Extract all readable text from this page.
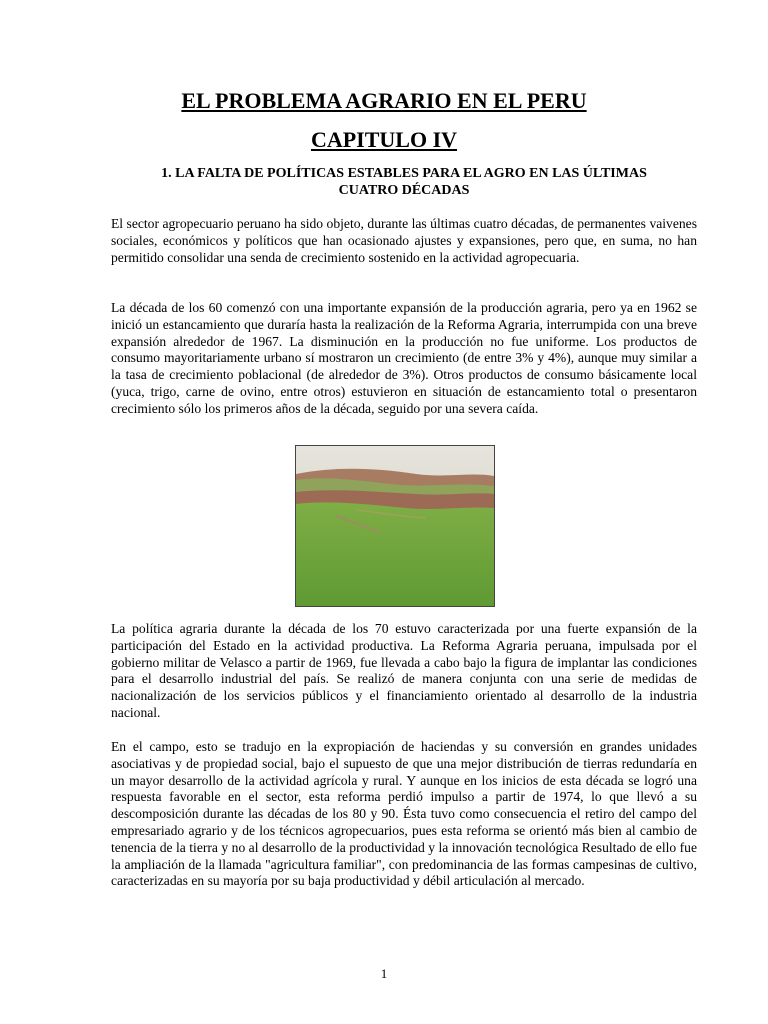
EL PROBLEMA AGRARIO EN EL PERU
CAPITULO IV
1. LA FALTA DE POLÍTICAS ESTABLES PARA EL AGRO EN LAS ÚLTIMAS CUATRO DÉCADAS

El sector agropecuario peruano ha sido objeto, durante las últimas cuatro décadas, de permanentes vaivenes sociales, económicos y políticos que han ocasionado ajustes y expansiones, pero que, en suma, no han permitido consolidar una senda de crecimiento sostenido en la actividad agropecuaria.

La década de los 60 comenzó con una importante expansión de la producción agraria, pero ya en 1962 se inició un estancamiento que duraría hasta la realización de la Reforma Agraria, interrumpida con una breve expansión alrededor de 1967. La disminución en la producción no fue uniforme. Los productos de consumo mayoritariamente urbano sí mostraron un crecimiento (de entre 3% y 4%), aunque muy similar a la tasa de crecimiento poblacional (de alrededor de 3%). Otros productos de consumo básicamente local (yuca, trigo, carne de ovino, entre otros) estuvieron en situación de estancamiento total o presentaron crecimiento sólo los primeros años de la década, seguido por una severa caída.

La política agraria durante la década de los 70 estuvo caracterizada por una fuerte expansión de la participación del Estado en la actividad productiva. La Reforma Agraria peruana, impulsada por el gobierno militar de Velasco a partir de 1969, fue llevada a cabo bajo la figura de implantar las condiciones para el desarrollo industrial del país. Se realizó de manera conjunta con una serie de medidas de nacionalización de los servicios públicos y el financiamiento orientado al desarrollo de la industria nacional.

En el campo, esto se tradujo en la expropiación de haciendas y su conversión en grandes unidades asociativas y de propiedad social, bajo el supuesto de que una mejor distribución de tierras redundaría en un mayor desarrollo de la actividad agrícola y rural. Y aunque en los inicios de esta década se logró una respuesta favorable en el sector, esta reforma perdió impulso a partir de 1974, lo que llevó a su descomposición durante las décadas de los 80 y 90. Ésta tuvo como consecuencia el retiro del campo del empresariado agrario y de los técnicos agropecuarios, pues esta reforma se orientó más bien al cambio de tenencia de la tierra y no al desarrollo de la productividad y la innovación tecnológica Resultado de ello fue la ampliación de la llamada "agricultura familiar", con predominancia de las formas campesinas de cultivo, caracterizadas en su mayoría por su baja productividad y débil articulación al mercado.

1
